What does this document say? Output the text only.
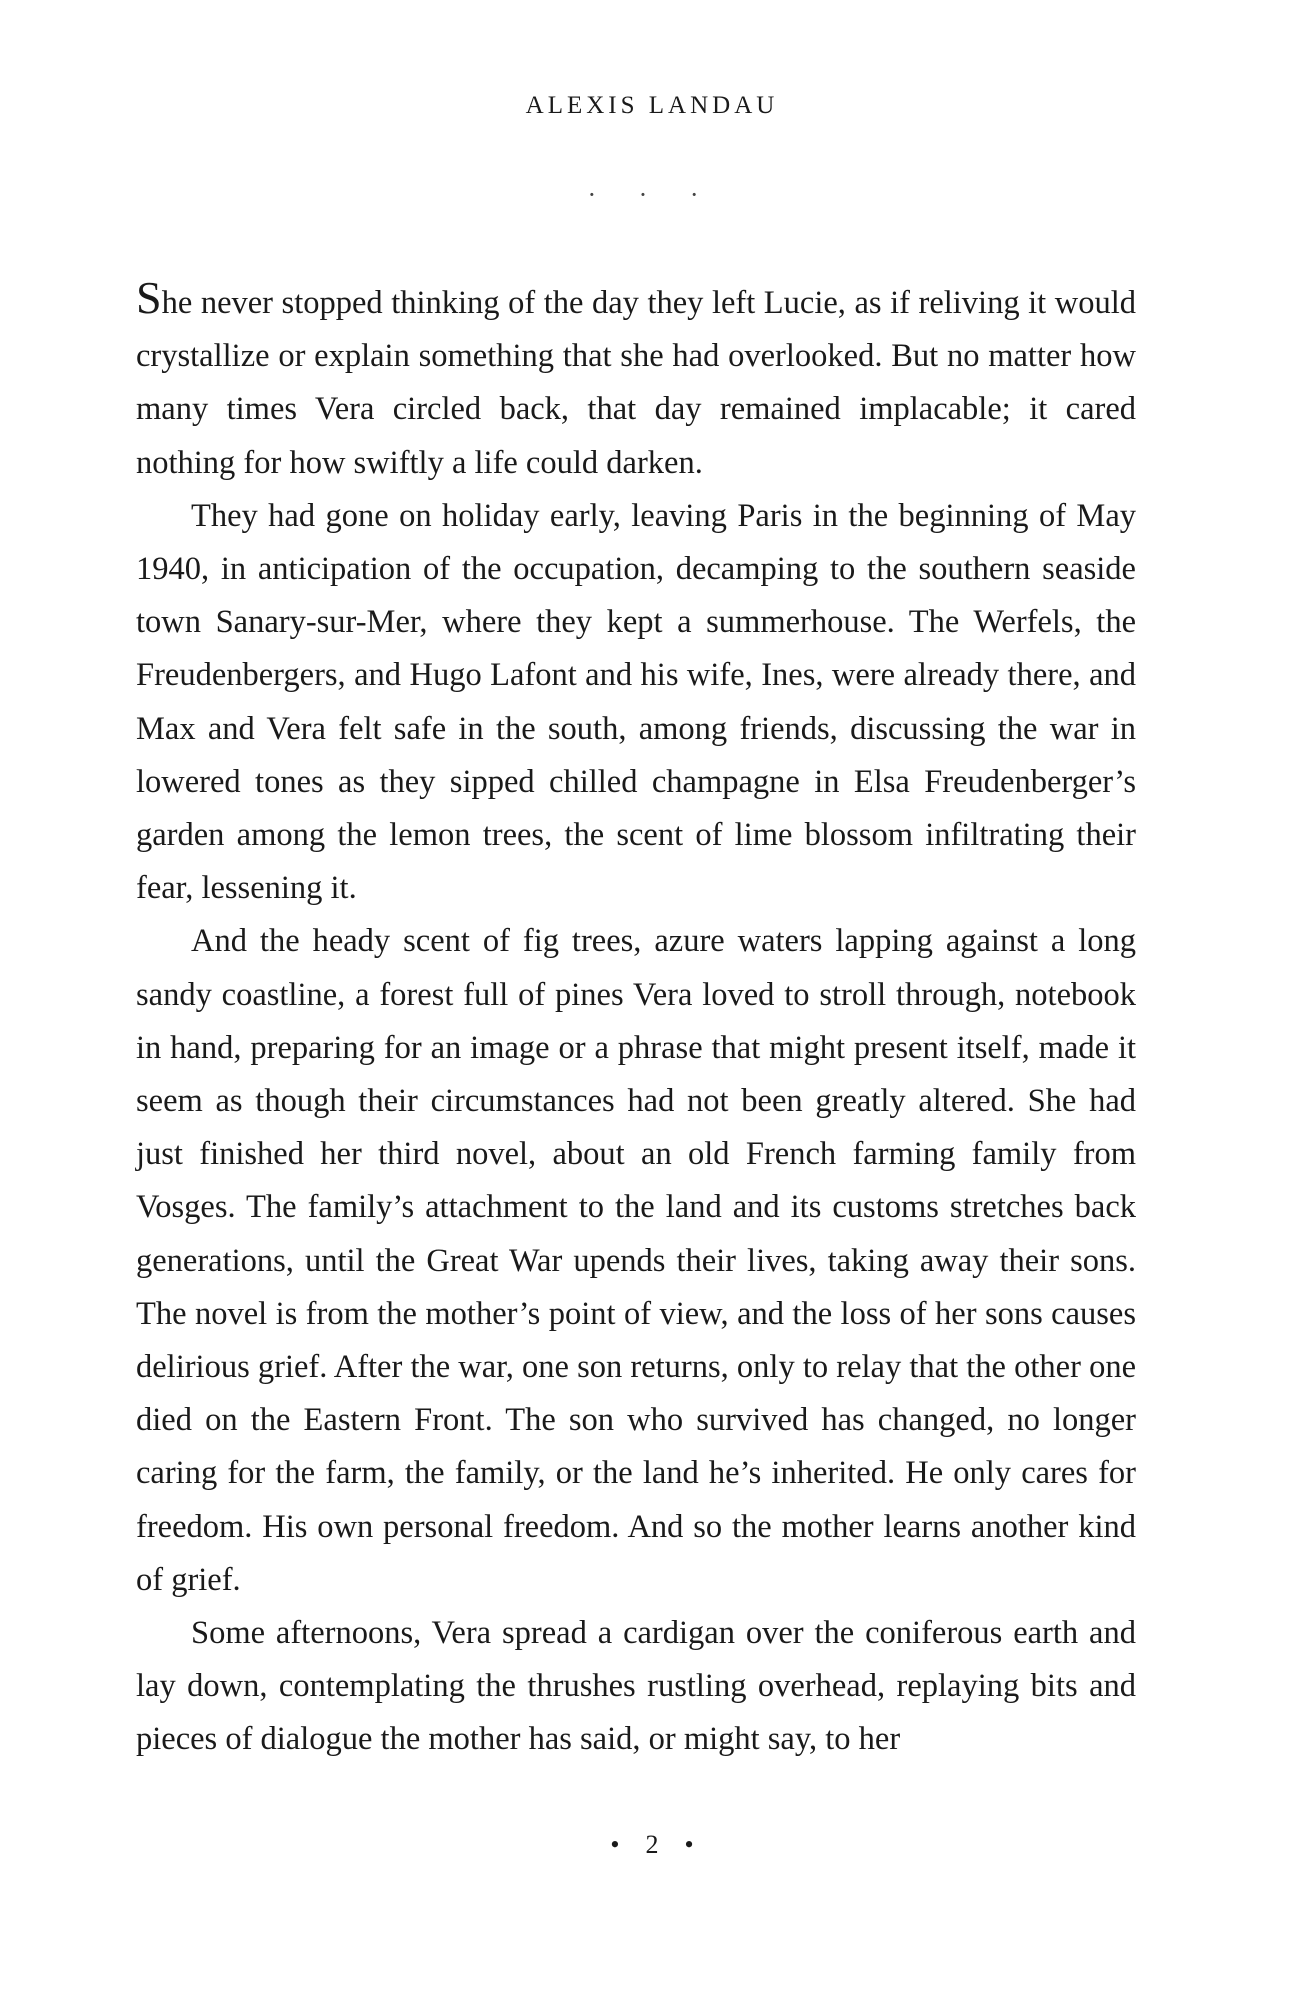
ALEXIS LANDAU
· · ·

She never stopped thinking of the day they left Lucie, as if reliving it would crystallize or explain something that she had overlooked. But no matter how many times Vera circled back, that day remained implacable; it cared nothing for how swiftly a life could darken.

They had gone on holiday early, leaving Paris in the beginning of May 1940, in anticipation of the occupation, decamping to the southern seaside town Sanary-sur-Mer, where they kept a summerhouse. The Werfels, the Freudenbergers, and Hugo Lafont and his wife, Ines, were already there, and Max and Vera felt safe in the south, among friends, discussing the war in lowered tones as they sipped chilled champagne in Elsa Freudenberger’s garden among the lemon trees, the scent of lime blossom infiltrating their fear, lessening it.

And the heady scent of fig trees, azure waters lapping against a long sandy coastline, a forest full of pines Vera loved to stroll through, notebook in hand, preparing for an image or a phrase that might present itself, made it seem as though their circumstances had not been greatly altered. She had just finished her third novel, about an old French farming family from Vosges. The family’s attachment to the land and its customs stretches back generations, until the Great War upends their lives, taking away their sons. The novel is from the mother’s point of view, and the loss of her sons causes delirious grief. After the war, one son returns, only to relay that the other one died on the Eastern Front. The son who survived has changed, no longer caring for the farm, the family, or the land he’s inherited. He only cares for freedom. His own personal freedom. And so the mother learns another kind of grief.

Some afternoons, Vera spread a cardigan over the coniferous earth and lay down, contemplating the thrushes rustling overhead, replaying bits and pieces of dialogue the mother has said, or might say, to her

• 2 •
